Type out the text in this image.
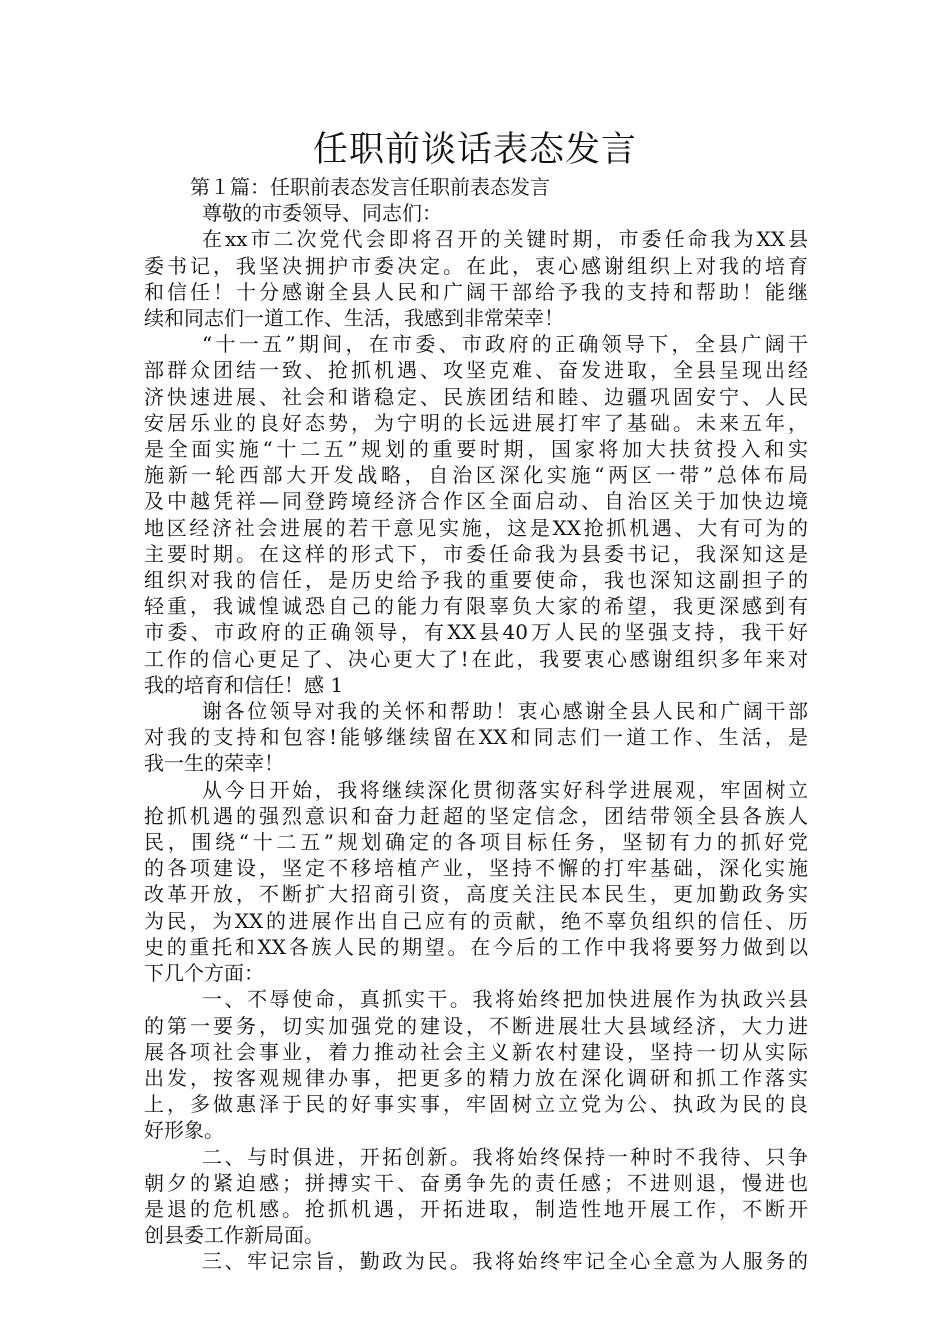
任职前谈话表态发言
第１篇：任职前表态发言任职前表态发言
尊敬的市委领导、同志们：
在xx市二次党代会即将召开的关键时期，市委任命我为XX县
委书记，我坚决拥护市委决定。在此，衷心感谢组织上对我的培育
和信任！十分感谢全县人民和广阔干部给予我的支持和帮助！能继
续和同志们一道工作、生活，我感到非常荣幸！
“十一五”期间，在市委、市政府的正确领导下，全县广阔干
部群众团结一致、抢抓机遇、攻坚克难、奋发进取，全县呈现出经
济快速进展、社会和谐稳定、民族团结和睦、边疆巩固安宁、人民
安居乐业的良好态势，为宁明的长远进展打牢了基础。未来五年，
是全面实施“十二五”规划的重要时期，国家将加大扶贫投入和实
施新一轮西部大开发战略，自治区深化实施“两区一带”总体布局
及中越凭祥—同登跨境经济合作区全面启动、自治区关于加快边境
地区经济社会进展的若干意见实施，这是XX抢抓机遇、大有可为的
主要时期。在这样的形式下，市委任命我为县委书记，我深知这是
组织对我的信任，是历史给予我的重要使命，我也深知这副担子的
轻重，我诚惶诚恐自己的能力有限辜负大家的希望，我更深感到有
市委、市政府的正确领导，有XX县40万人民的坚强支持，我干好
工作的信心更足了、决心更大了!在此，我要衷心感谢组织多年来对
我的培育和信任！感 1
谢各位领导对我的关怀和帮助！衷心感谢全县人民和广阔干部
对我的支持和包容!能够继续留在XX和同志们一道工作、生活，是
我一生的荣幸！
从今日开始，我将继续深化贯彻落实好科学进展观，牢固树立
抢抓机遇的强烈意识和奋力赶超的坚定信念，团结带领全县各族人
民，围绕“十二五”规划确定的各项目标任务，坚韧有力的抓好党
的各项建设，坚定不移培植产业，坚持不懈的打牢基础，深化实施
改革开放，不断扩大招商引资，高度关注民本民生，更加勤政务实
为民，为XX的进展作出自己应有的贡献，绝不辜负组织的信任、历
史的重托和XX各族人民的期望。在今后的工作中我将要努力做到以
下几个方面：
一、不辱使命，真抓实干。我将始终把加快进展作为执政兴县
的第一要务，切实加强党的建设，不断进展壮大县域经济，大力进
展各项社会事业，着力推动社会主义新农村建设，坚持一切从实际
出发，按客观规律办事，把更多的精力放在深化调研和抓工作落实
上，多做惠泽于民的好事实事，牢固树立立党为公、执政为民的良
好形象。
二、与时俱进，开拓创新。我将始终保持一种时不我待、只争
朝夕的紧迫感；拼搏实干、奋勇争先的责任感；不进则退，慢进也
是退的危机感。抢抓机遇，开拓进取，制造性地开展工作，不断开
创县委工作新局面。
三、牢记宗旨，勤政为民。我将始终牢记全心全意为人服务的
